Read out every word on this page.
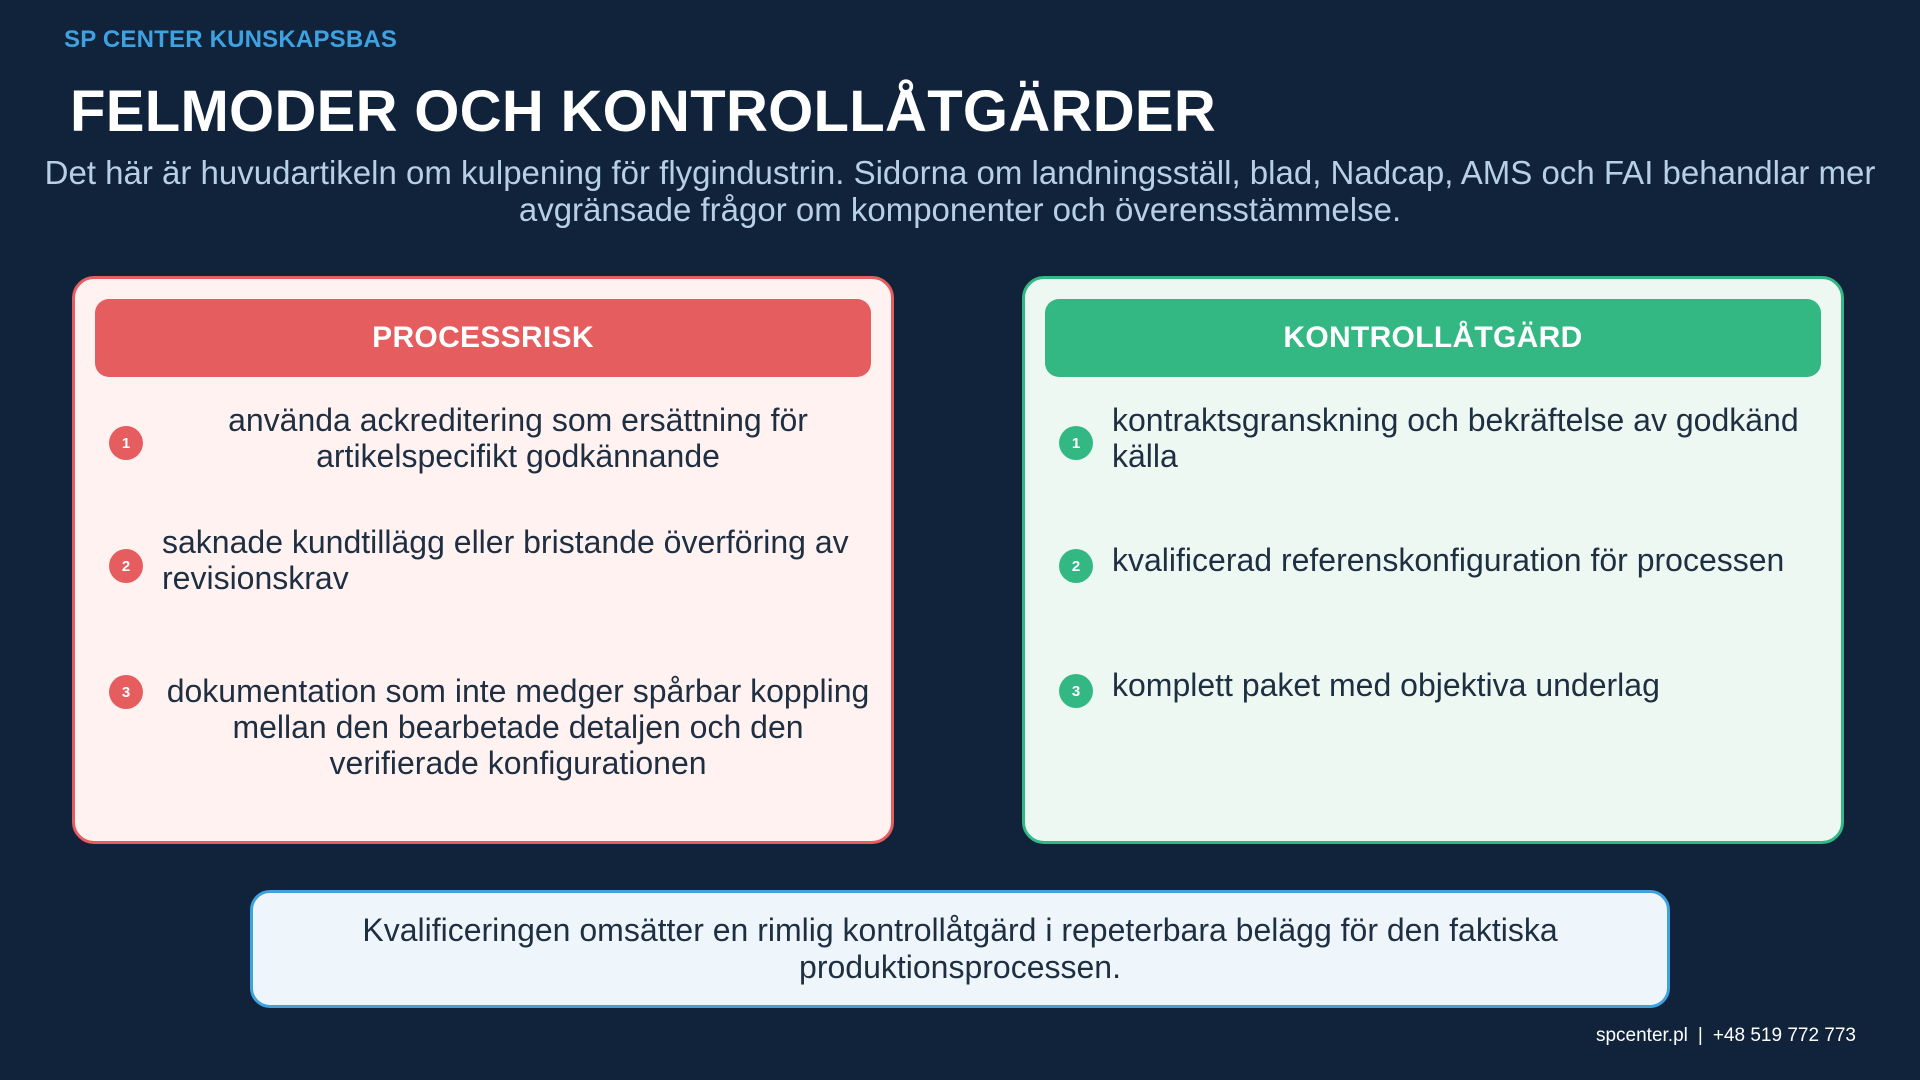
SP CENTER KUNSKAPSBAS
FELMODER OCH KONTROLLÅTGÄRDER
Det här är huvudartikeln om kulpening för flygindustrin. Sidorna om landningsställ, blad, Nadcap, AMS och FAI behandlar mer avgränsade frågor om komponenter och överensstämmelse.
PROCESSRISK
1
använda ackreditering som ersättning för artikelspecifikt godkännande
2
saknade kundtillägg eller bristande överföring av revisionskrav
3	dokumentation som inte medger spårbar koppling mellan den bearbetade detaljen och den verifierade konfigurationen
KONTROLLÅTGÄRD
1
kontraktsgranskning och bekräftelse av godkänd källa
2 kvalificerad referenskonfiguration för processen
3 komplett paket med objektiva underlag
Kvalificeringen omsätter en rimlig kontrollåtgärd i repeterbara belägg för den faktiska produktionsprocessen.
spcenter.pl | +48 519 772 773
